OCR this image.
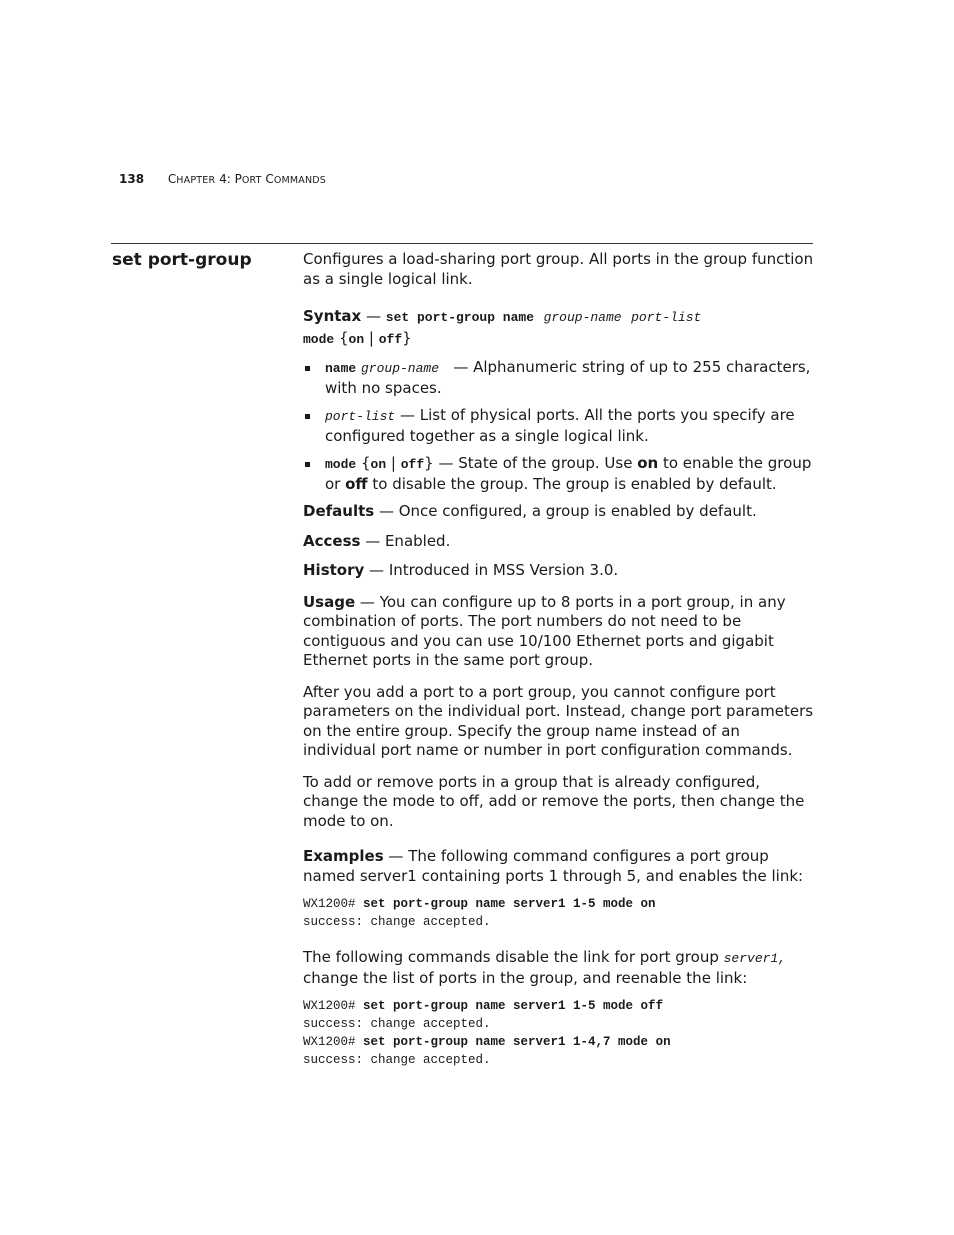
138 CHAPTER 4: PORT COMMANDS
set port-group	Configures a load-sharing port group. All ports in the group function as a single logical link.

Syntax — set port-group name group-name port-list
mode {on | off}
name group-name   — Alphanumeric string of up to 255 characters, with no spaces.
port-list — List of physical ports. All the ports you specify are configured together as a single logical link.
mode {on | off} — State of the group. Use on to enable the group or off to disable the group. The group is enabled by default.

Defaults — Once configured, a group is enabled by default.

Access — Enabled.

History — Introduced in MSS Version 3.0.

Usage — You can configure up to 8 ports in a port group, in any combination of ports. The port numbers do not need to be contiguous and you can use 10/100 Ethernet ports and gigabit Ethernet ports in the same port group.

After you add a port to a port group, you cannot configure port parameters on the individual port. Instead, change port parameters on the entire group. Specify the group name instead of an individual port name or number in port configuration commands.

To add or remove ports in a group that is already configured, change the mode to off, add or remove the ports, then change the mode to on.

Examples — The following command configures a port group named server1 containing ports 1 through 5, and enables the link:

WX1200# set port-group name server1 1-5 mode on
success: change accepted.

The following commands disable the link for port group server1, change the list of ports in the group, and reenable the link:

WX1200# set port-group name server1 1-5 mode off
success: change accepted.
WX1200# set port-group name server1 1-4,7 mode on
success: change accepted.
